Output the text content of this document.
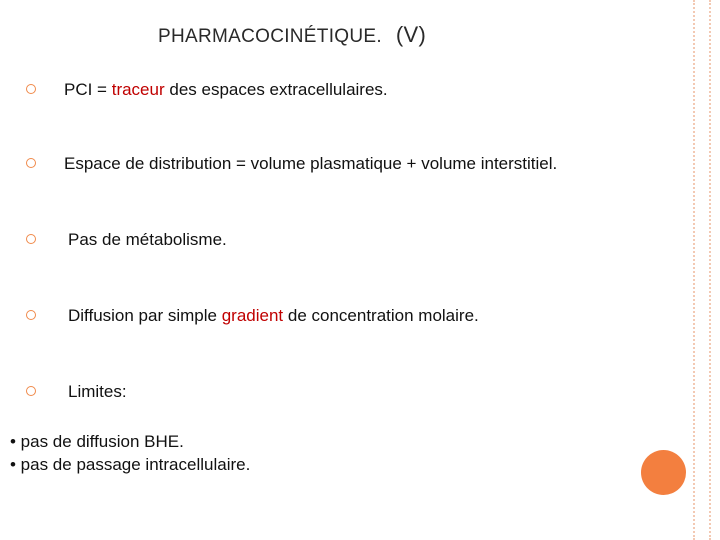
PHARMACOCINÉTIQUE. (V)
PCI = traceur des espaces extracellulaires.
Espace de distribution = volume plasmatique + volume interstitiel.
Pas de métabolisme.
Diffusion par simple gradient de concentration molaire.
Limites:
• pas de diffusion BHE.
• pas de passage intracellulaire.
